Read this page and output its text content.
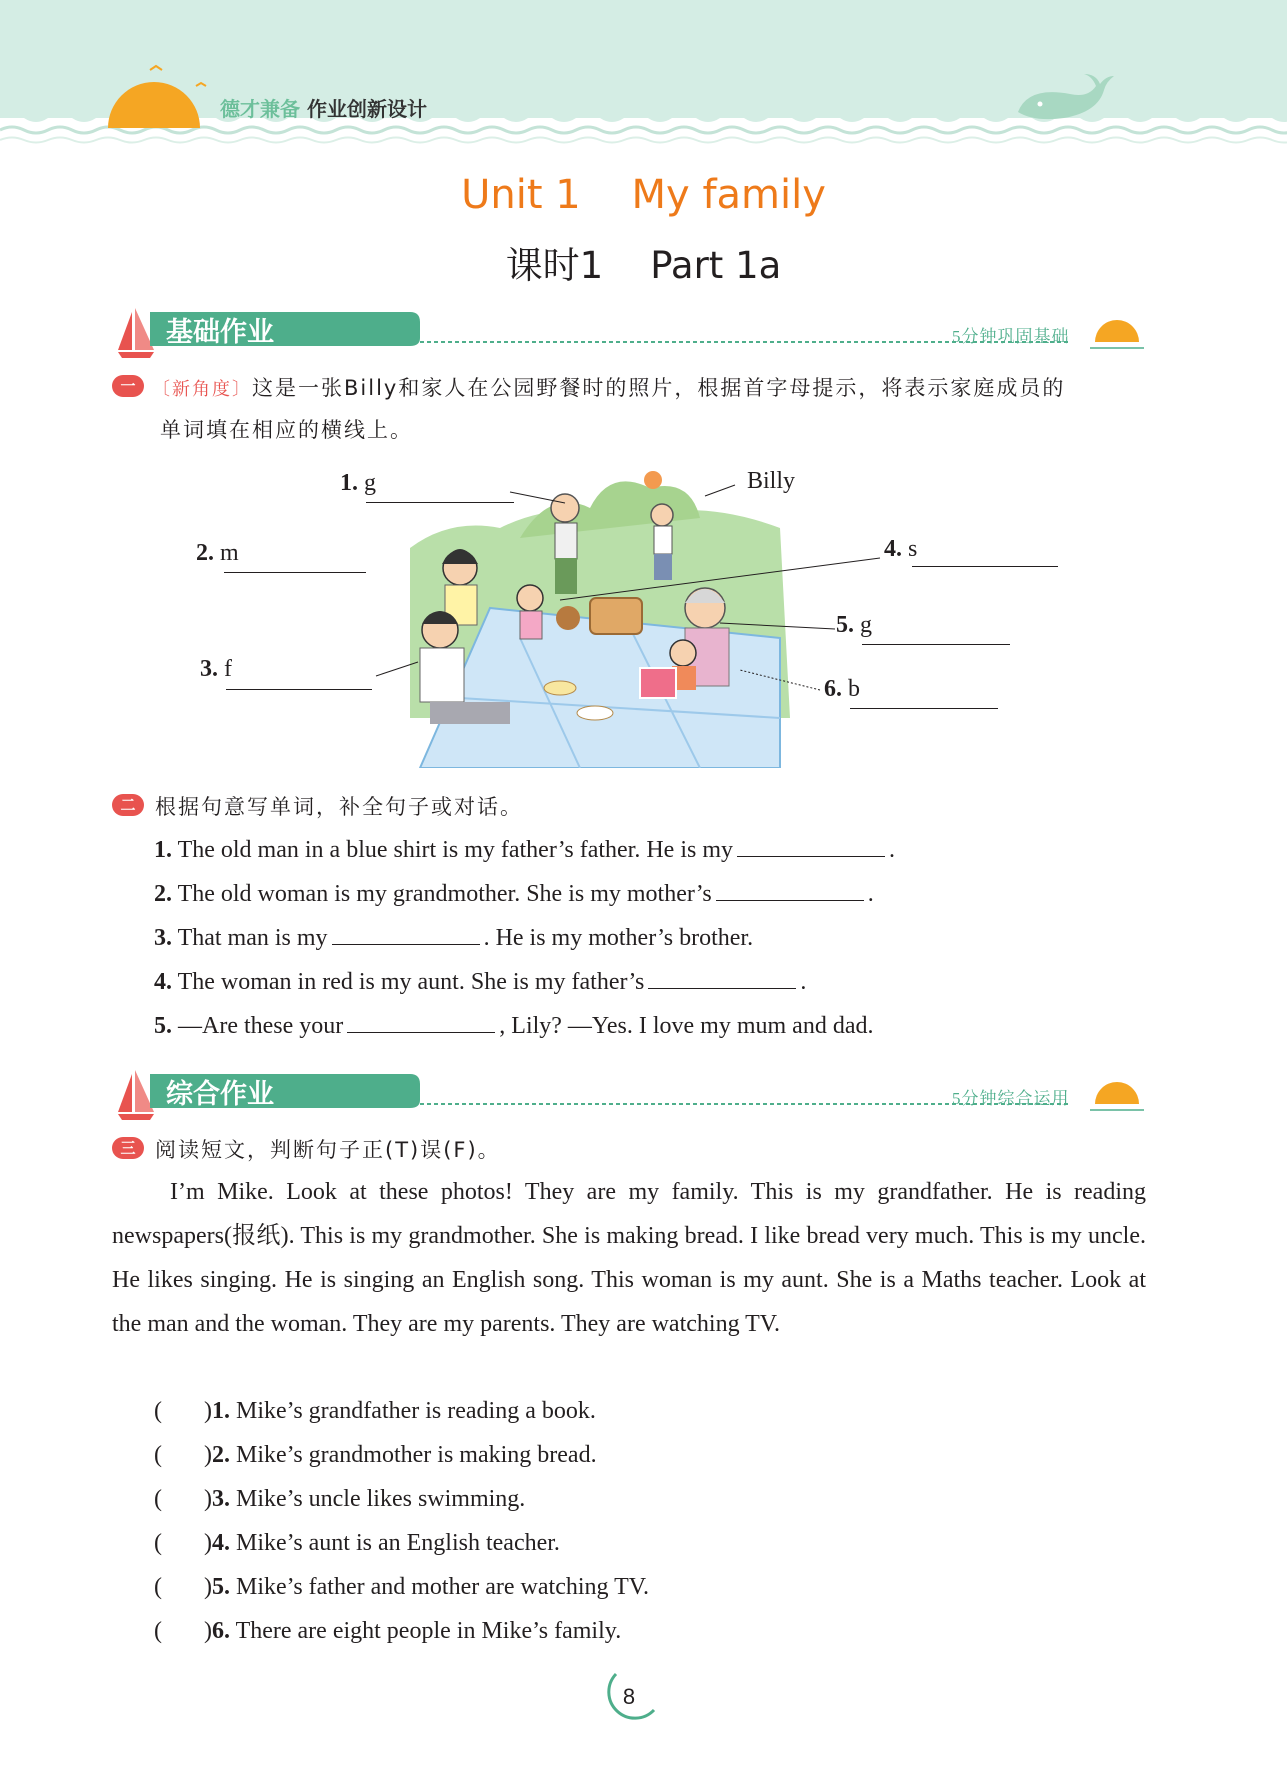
德才兼备 作业创新设计
Unit 1    My family
课时1    Part 1a
基础作业	5分钟巩固基础
一 〔新角度〕这是一张Billy和家人在公园野餐时的照片，根据首字母提示，将表示家庭成员的
单词填在相应的横线上。
1. g
2. m
3. f
Billy
4. s
5. g
6. b
二 根据句意写单词，补全句子或对话。
1. The old man in a blue shirt is my father’s father. He is my	.
2. The old woman is my grandmother. She is my mother’s	.
3. That man is my	. He is my mother’s brother.
4. The woman in red is my aunt. She is my father’s	.
5. —Are these your	, Lily? —Yes. I love my mum and dad.
综合作业	5分钟综合运用
三 阅读短文，判断句子正(T)误(F)。
I’m Mike. Look at these photos! They are my family. This is my grandfather. He is reading newspapers(报纸). This is my grandmother. She is making bread. I like bread very much. This is my uncle. He likes singing. He is singing an English song. This woman is my aunt. She is a Maths teacher. Look at the man and the woman. They are my parents. They are watching TV.
(       )1. Mike’s grandfather is reading a book.
(       )2. Mike’s grandmother is making bread.
(       )3. Mike’s uncle likes swimming.
(       )4. Mike’s aunt is an English teacher.
(       )5. Mike’s father and mother are watching TV.
(       )6. There are eight people in Mike’s family.
8
